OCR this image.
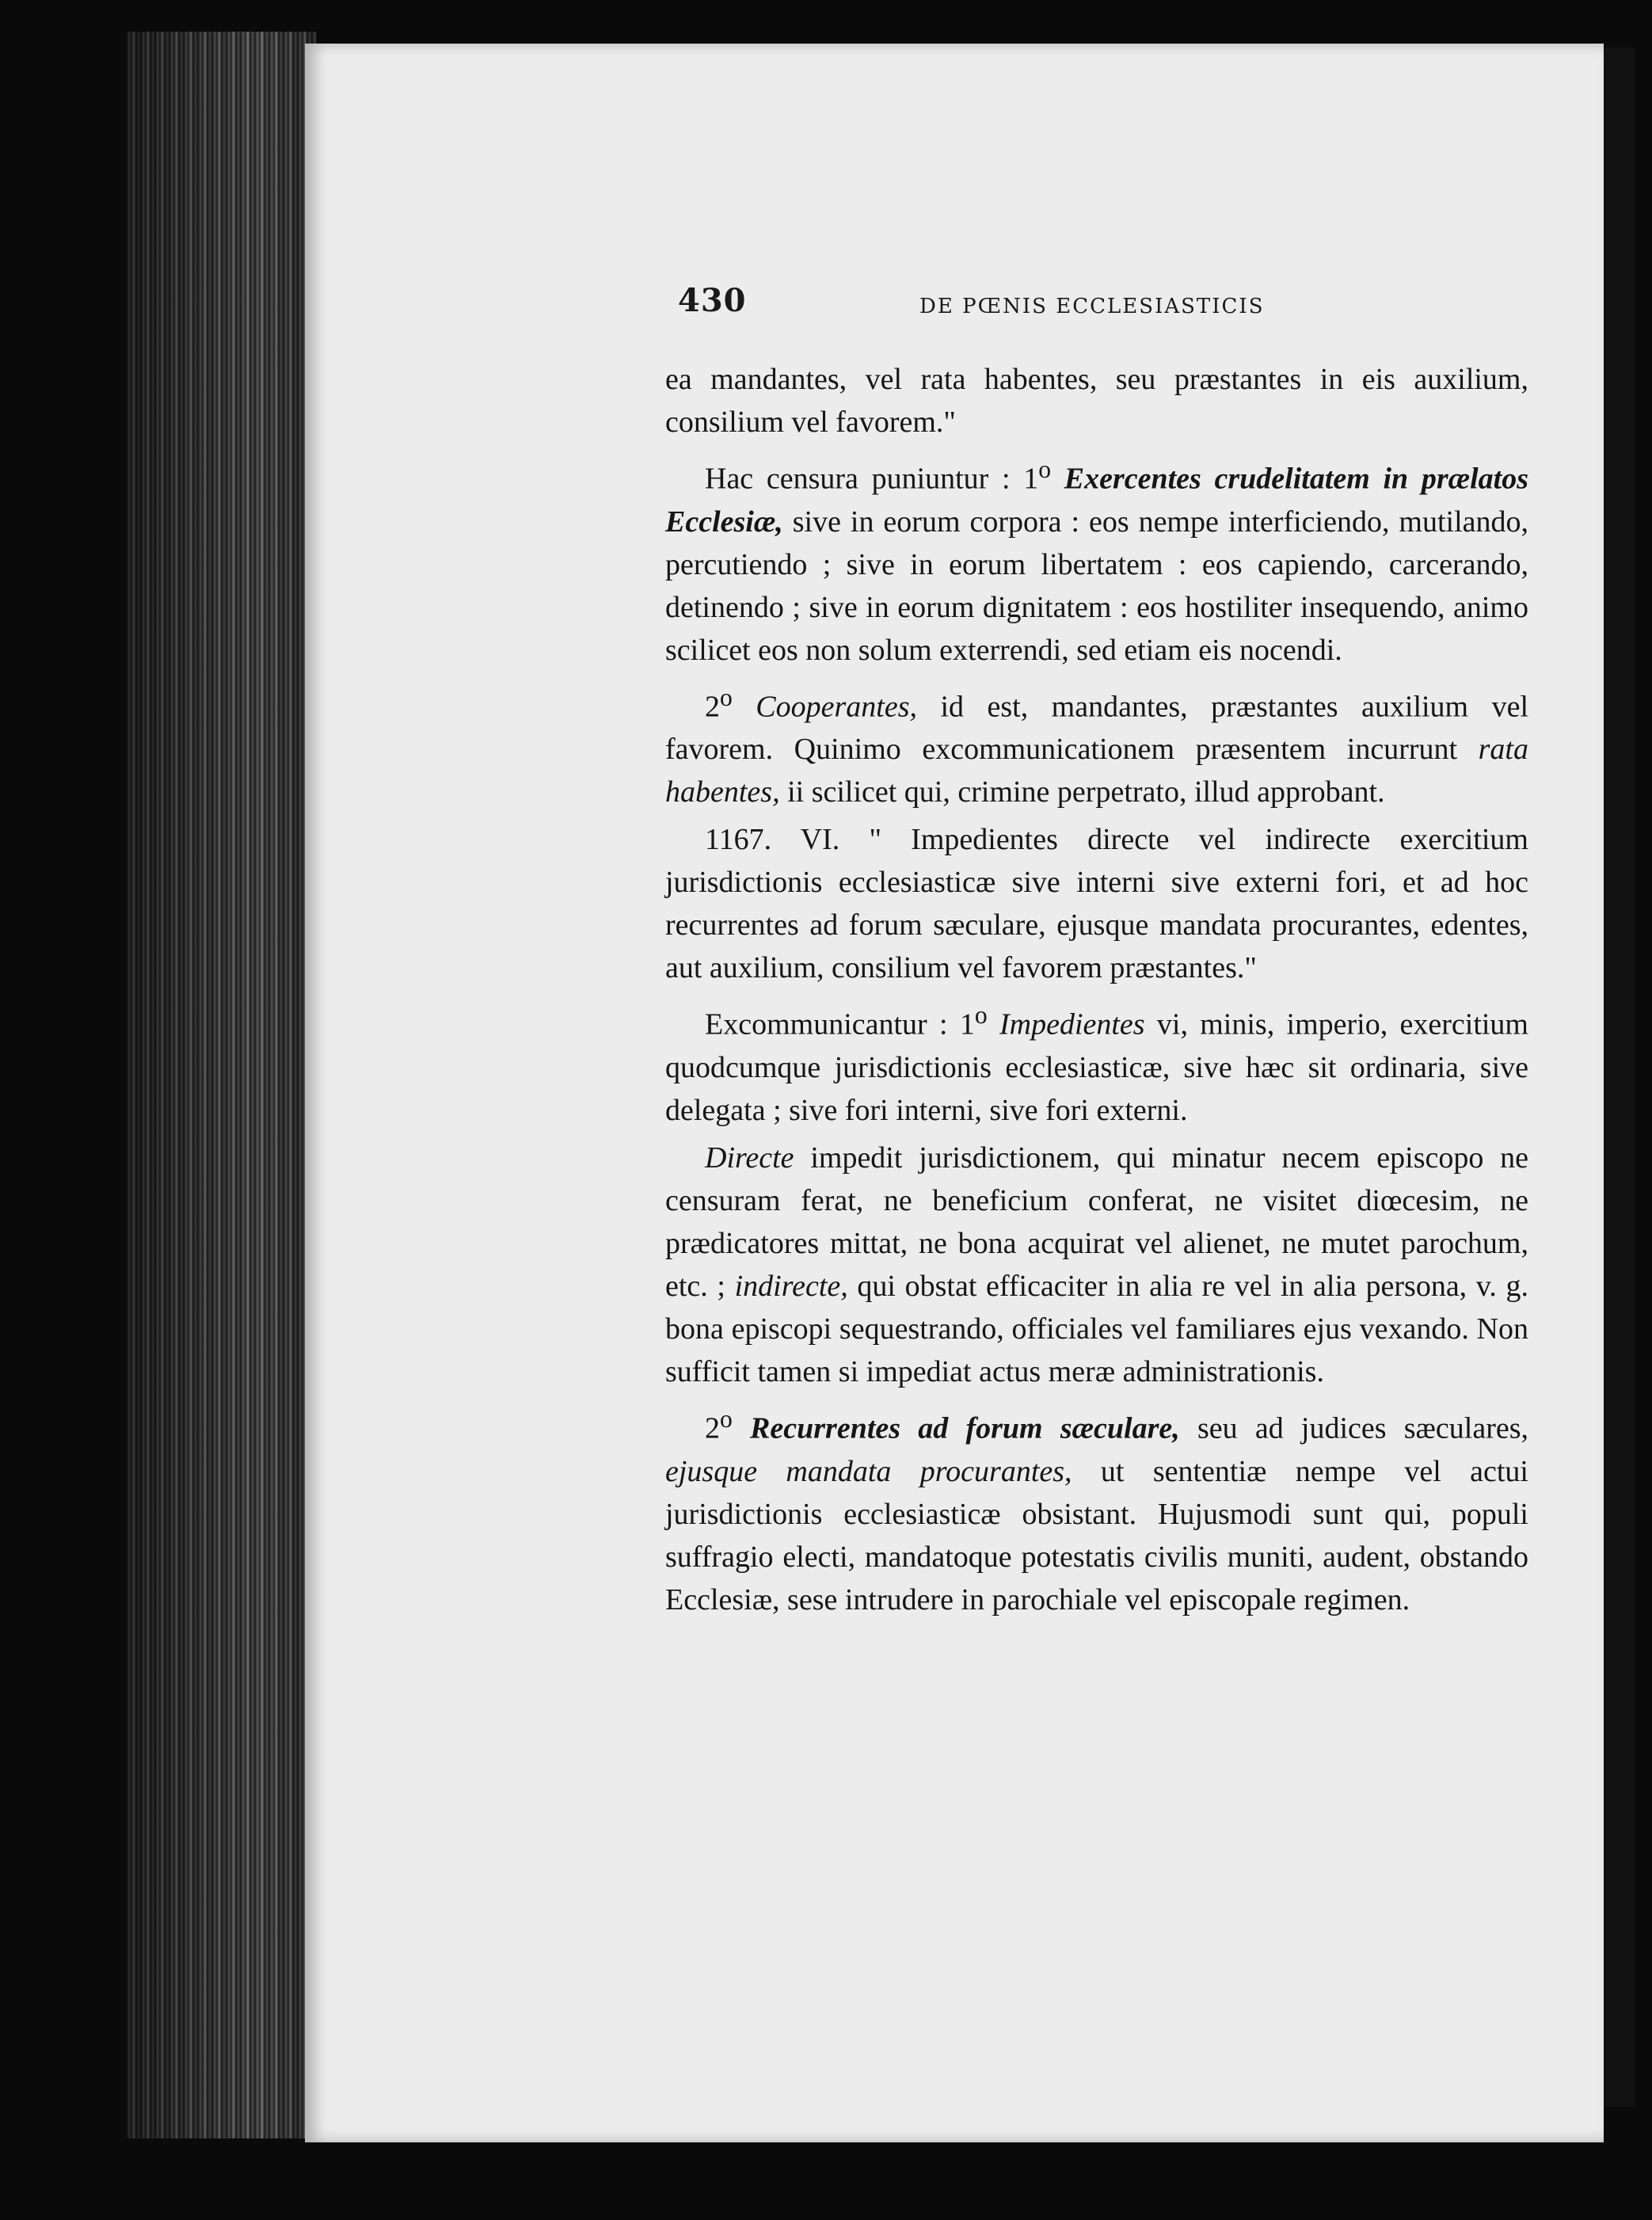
430	DE PŒNIS ECCLESIASTICIS

ea mandantes, vel rata habentes, seu præstantes in eis auxilium, consilium vel favorem."

Hac censura puniuntur : 1$^o$ Exercentes crudelitatem in prælatos Ecclesiæ, sive in eorum corpora : eos nempe interficiendo, mutilando, percutiendo ; sive in eorum libertatem : eos capiendo, carcerando, detinendo ; sive in eorum dignitatem : eos hostiliter insequendo, animo scilicet eos non solum exterrendi, sed etiam eis nocendi.

2$^o$ Cooperantes, id est, mandantes, præstantes auxilium vel favorem. Quinimo excommunicationem præsentem incurrunt rata habentes, ii scilicet qui, crimine perpetrato, illud approbant.

1167. VI. " Impedientes directe vel indirecte exercitium jurisdictionis ecclesiasticæ sive interni sive externi fori, et ad hoc recurrentes ad forum sæculare, ejusque mandata procurantes, edentes, aut auxilium, consilium vel favorem præstantes."

Excommunicantur : 1$^o$ Impedientes vi, minis, imperio, exercitium quodcumque jurisdictionis ecclesiasticæ, sive hæc sit ordinaria, sive delegata ; sive fori interni, sive fori externi.

Directe impedit jurisdictionem, qui minatur necem episcopo ne censuram ferat, ne beneficium conferat, ne visitet diœcesim, ne prædicatores mittat, ne bona acquirat vel alienet, ne mutet parochum, etc. ; indirecte, qui obstat efficaciter in alia re vel in alia persona, v. g. bona episcopi sequestrando, officiales vel familiares ejus vexando. Non sufficit tamen si impediat actus meræ administrationis.

2$^o$ Recurrentes ad forum sæculare, seu ad judices sæculares, ejusque mandata procurantes, ut sententiæ nempe vel actui jurisdictionis ecclesiasticæ obsistant. Hujusmodi sunt qui, populi suffragio electi, mandatoque potestatis civilis muniti, audent, obstando Ecclesiæ, sese intrudere in parochiale vel episcopale regimen.
